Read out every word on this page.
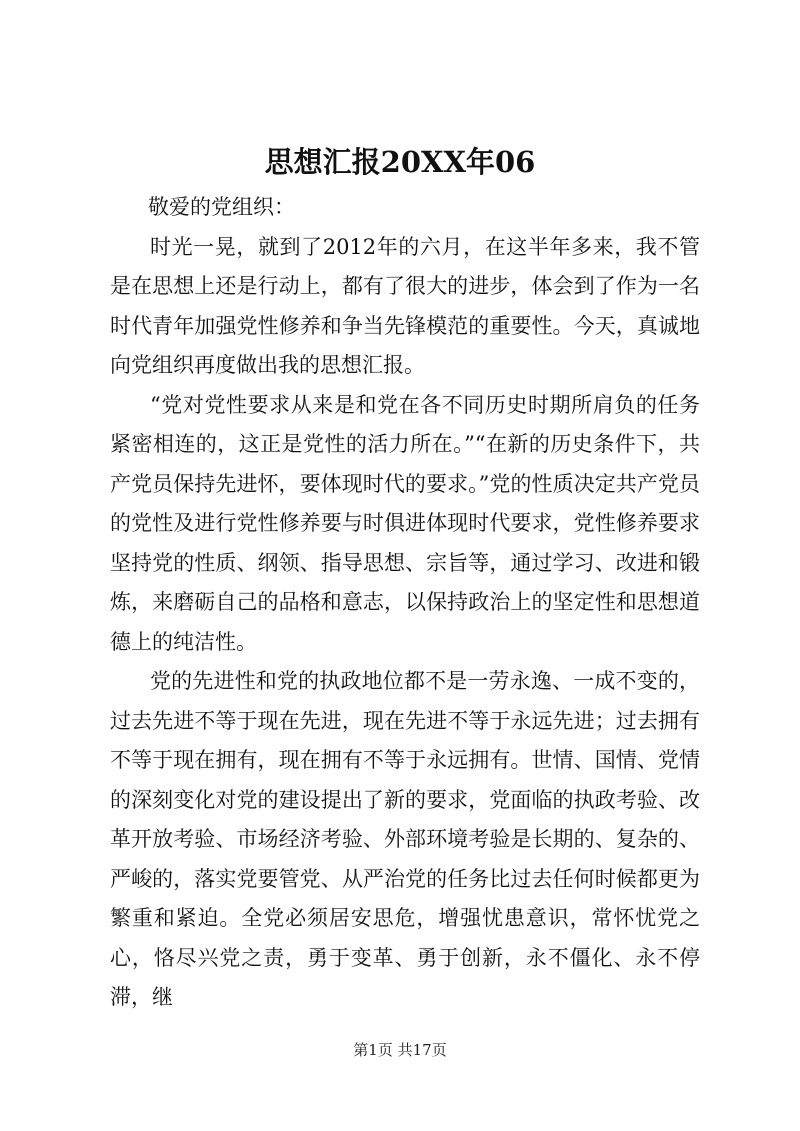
思想汇报20XX年06

敬爱的党组织：

时光一晃，就到了2012年的六月，在这半年多来，我不管是在思想上还是行动上，都有了很大的进步，体会到了作为一名时代青年加强党性修养和争当先锋模范的重要性。今天，真诚地向党组织再度做出我的思想汇报。

“党对党性要求从来是和党在各不同历史时期所肩负的任务紧密相连的，这正是党性的活力所在。”“在新的历史条件下，共产党员保持先进怀，要体现时代的要求。”党的性质决定共产党员的党性及进行党性修养要与时俱进体现时代要求，党性修养要求坚持党的性质、纲领、指导思想、宗旨等，通过学习、改进和锻炼，来磨砺自己的品格和意志，以保持政治上的坚定性和思想道德上的纯洁性。

党的先进性和党的执政地位都不是一劳永逸、一成不变的，过去先进不等于现在先进，现在先进不等于永远先进；过去拥有不等于现在拥有，现在拥有不等于永远拥有。世情、国情、党情的深刻变化对党的建设提出了新的要求，党面临的执政考验、改革开放考验、市场经济考验、外部环境考验是长期的、复杂的、严峻的，落实党要管党、从严治党的任务比过去任何时候都更为繁重和紧迫。全党必须居安思危，增强忧患意识，常怀忧党之心，恪尽兴党之责，勇于变革、勇于创新，永不僵化、永不停滞，继

第1页 共17页
